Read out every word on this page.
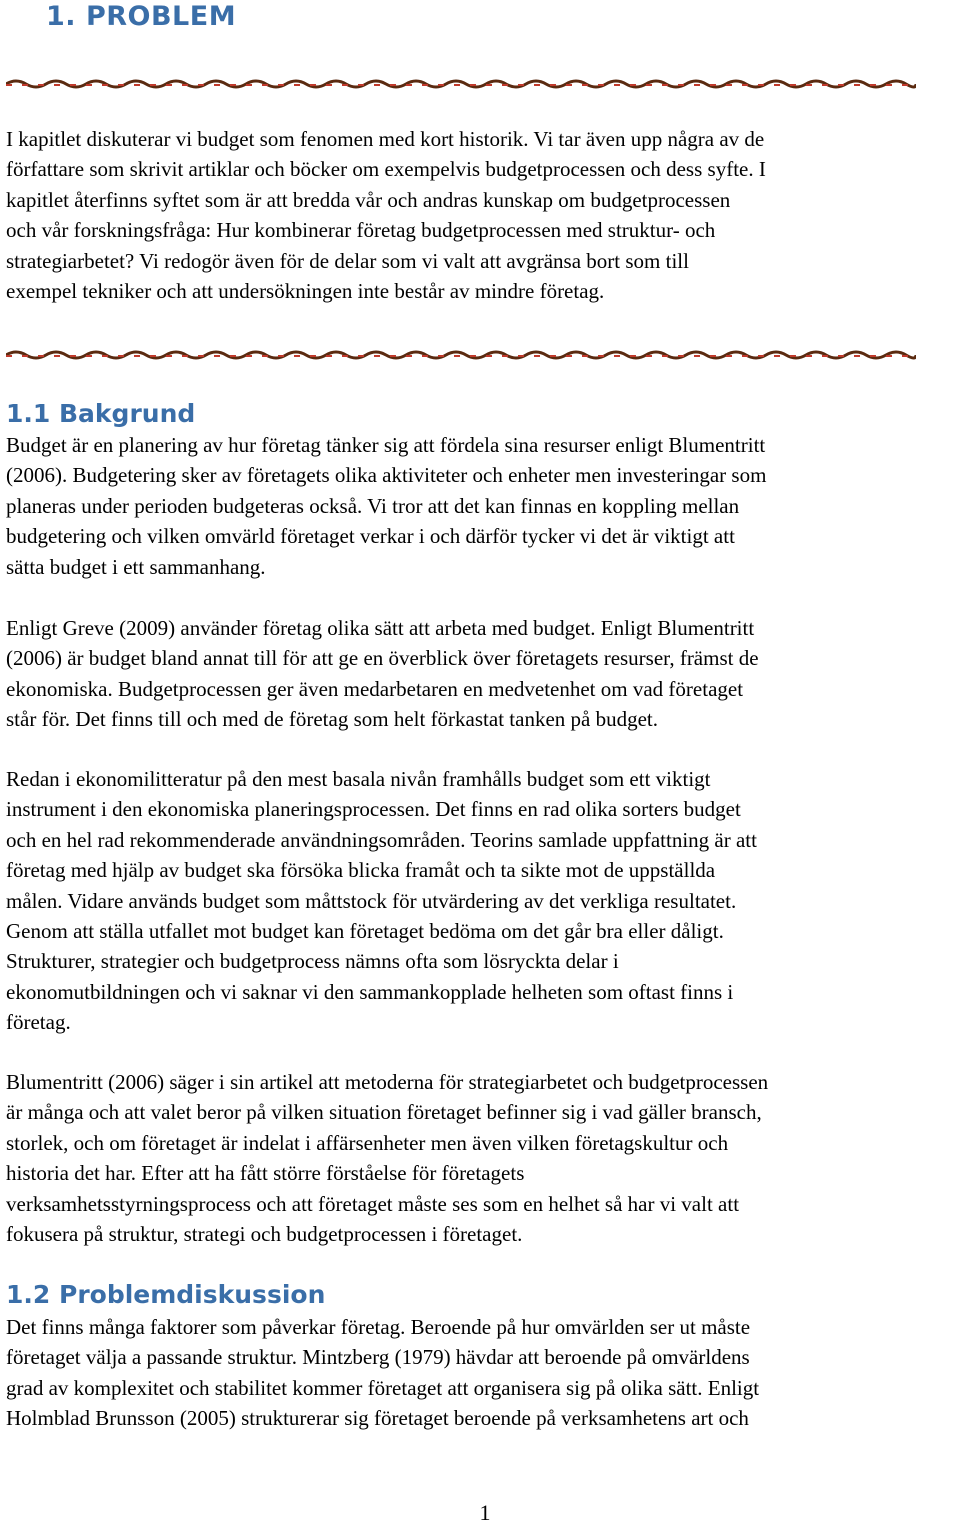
1. PROBLEM
I kapitlet diskuterar vi budget som fenomen med kort historik. Vi tar även upp några av de
författare som skrivit artiklar och böcker om exempelvis budgetprocessen och dess syfte. I
kapitlet återfinns syftet som är att bredda vår och andras kunskap om budgetprocessen
och vår forskningsfråga: Hur kombinerar företag budgetprocessen med struktur- och
strategiarbetet? Vi redogör även för de delar som vi valt att avgränsa bort som till
exempel tekniker och att undersökningen inte består av mindre företag.
1.1 Bakgrund
Budget är en planering av hur företag tänker sig att fördela sina resurser enligt Blumentritt
(2006). Budgetering sker av företagets olika aktiviteter och enheter men investeringar som
planeras under perioden budgeteras också. Vi tror att det kan finnas en koppling mellan
budgetering och vilken omvärld företaget verkar i och därför tycker vi det är viktigt att
sätta budget i ett sammanhang.
Enligt Greve (2009) använder företag olika sätt att arbeta med budget. Enligt Blumentritt
(2006) är budget bland annat till för att ge en överblick över företagets resurser, främst de
ekonomiska. Budgetprocessen ger även medarbetaren en medvetenhet om vad företaget
står för. Det finns till och med de företag som helt förkastat tanken på budget.
Redan i ekonomilitteratur på den mest basala nivån framhålls budget som ett viktigt
instrument i den ekonomiska planeringsprocessen. Det finns en rad olika sorters budget
och en hel rad rekommenderade användningsområden. Teorins samlade uppfattning är att
företag med hjälp av budget ska försöka blicka framåt och ta sikte mot de uppställda
målen. Vidare används budget som måttstock för utvärdering av det verkliga resultatet.
Genom att ställa utfallet mot budget kan företaget bedöma om det går bra eller dåligt.
Strukturer, strategier och budgetprocess nämns ofta som lösryckta delar i
ekonomutbildningen och vi saknar vi den sammankopplade helheten som oftast finns i
företag.
Blumentritt (2006) säger i sin artikel att metoderna för strategiarbetet och budgetprocessen
är många och att valet beror på vilken situation företaget befinner sig i vad gäller bransch,
storlek, och om företaget är indelat i affärsenheter men även vilken företagskultur och
historia det har. Efter att ha fått större förståelse för företagets
verksamhetsstyrningsprocess och att företaget måste ses som en helhet så har vi valt att
fokusera på struktur, strategi och budgetprocessen i företaget.
1.2 Problemdiskussion
Det finns många faktorer som påverkar företag. Beroende på hur omvärlden ser ut måste
företaget välja a passande struktur. Mintzberg (1979) hävdar att beroende på omvärldens
grad av komplexitet och stabilitet kommer företaget att organisera sig på olika sätt. Enligt
Holmblad Brunsson (2005) strukturerar sig företaget beroende på verksamhetens art och
1
